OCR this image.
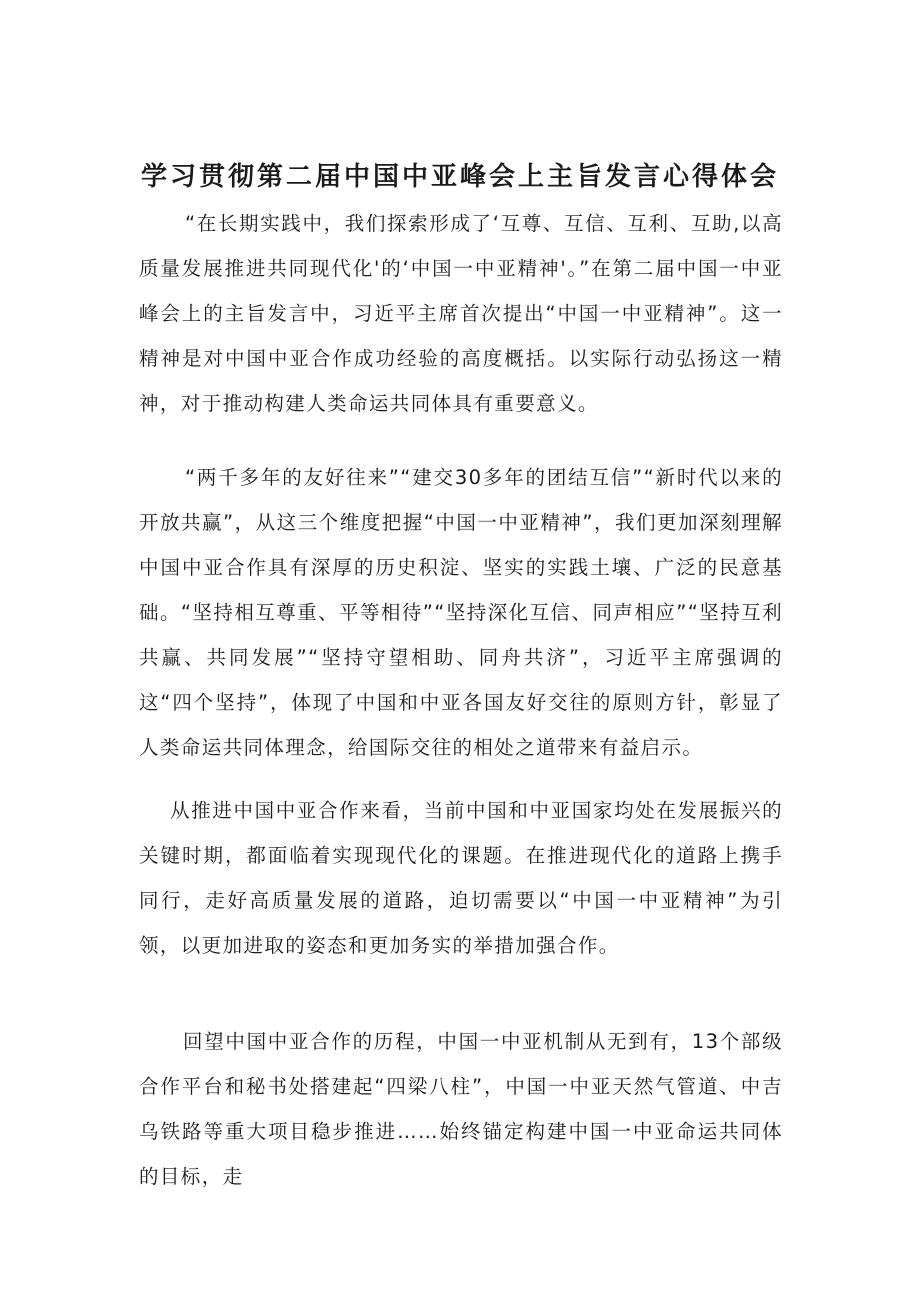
学习贯彻第二届中国中亚峰会上主旨发言心得体会

“在长期实践中，我们探索形成了‘互尊、互信、互利、互助,以高质量发展推进共同现代化'的‘中国一中亚精神'。”在第二届中国一中亚峰会上的主旨发言中，习近平主席首次提出“中国一中亚精神”。这一精神是对中国中亚合作成功经验的高度概括。以实际行动弘扬这一精神，对于推动构建人类命运共同体具有重要意义。

“两千多年的友好往来”“建交30多年的团结互信”“新时代以来的开放共赢”，从这三个维度把握“中国一中亚精神”，我们更加深刻理解中国中亚合作具有深厚的历史积淀、坚实的实践土壤、广泛的民意基础。“坚持相互尊重、平等相待”“坚持深化互信、同声相应”“坚持互利共赢、共同发展”“坚持守望相助、同舟共济”，习近平主席强调的这“四个坚持”，体现了中国和中亚各国友好交往的原则方针，彰显了人类命运共同体理念，给国际交往的相处之道带来有益启示。

从推进中国中亚合作来看，当前中国和中亚国家均处在发展振兴的关键时期，都面临着实现现代化的课题。在推进现代化的道路上携手同行，走好高质量发展的道路，迫切需要以“中国一中亚精神”为引领，以更加进取的姿态和更加务实的举措加强合作。

回望中国中亚合作的历程，中国一中亚机制从无到有，13个部级合作平台和秘书处搭建起“四梁八柱”，中国一中亚天然气管道、中吉乌铁路等重大项目稳步推进……始终锚定构建中国一中亚命运共同体的目标，走
